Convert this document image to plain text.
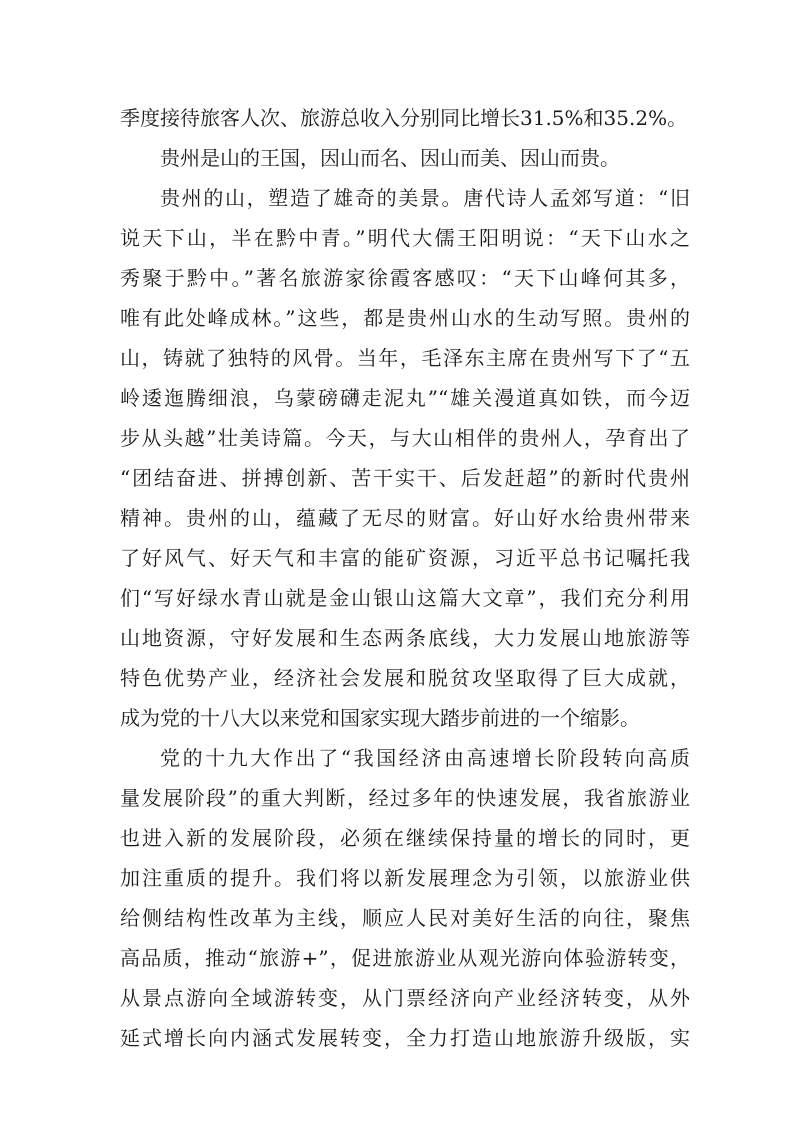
季度接待旅客人次、旅游总收入分别同比增长31.5%和35.2%。
贵州是山的王国，因山而名、因山而美、因山而贵。
贵州的山，塑造了雄奇的美景。唐代诗人孟郊写道：“旧
说天下山，半在黔中青。”明代大儒王阳明说：“天下山水之
秀聚于黔中。”著名旅游家徐霞客感叹：“天下山峰何其多，
唯有此处峰成林。”这些，都是贵州山水的生动写照。贵州的
山，铸就了独特的风骨。当年，毛泽东主席在贵州写下了“五
岭逶迤腾细浪，乌蒙磅礴走泥丸”“雄关漫道真如铁，而今迈
步从头越”壮美诗篇。今天，与大山相伴的贵州人，孕育出了
“团结奋进、拼搏创新、苦干实干、后发赶超”的新时代贵州
精神。贵州的山，蕴藏了无尽的财富。好山好水给贵州带来
了好风气、好天气和丰富的能矿资源，习近平总书记嘱托我
们“写好绿水青山就是金山银山这篇大文章”，我们充分利用
山地资源，守好发展和生态两条底线，大力发展山地旅游等
特色优势产业，经济社会发展和脱贫攻坚取得了巨大成就，
成为党的十八大以来党和国家实现大踏步前进的一个缩影。
党的十九大作出了“我国经济由高速增长阶段转向高质
量发展阶段”的重大判断，经过多年的快速发展，我省旅游业
也进入新的发展阶段，必须在继续保持量的增长的同时，更
加注重质的提升。我们将以新发展理念为引领，以旅游业供
给侧结构性改革为主线，顺应人民对美好生活的向往，聚焦
高品质，推动“旅游+”，促进旅游业从观光游向体验游转变，
从景点游向全域游转变，从门票经济向产业经济转变，从外
延式增长向内涵式发展转变，全力打造山地旅游升级版，实
